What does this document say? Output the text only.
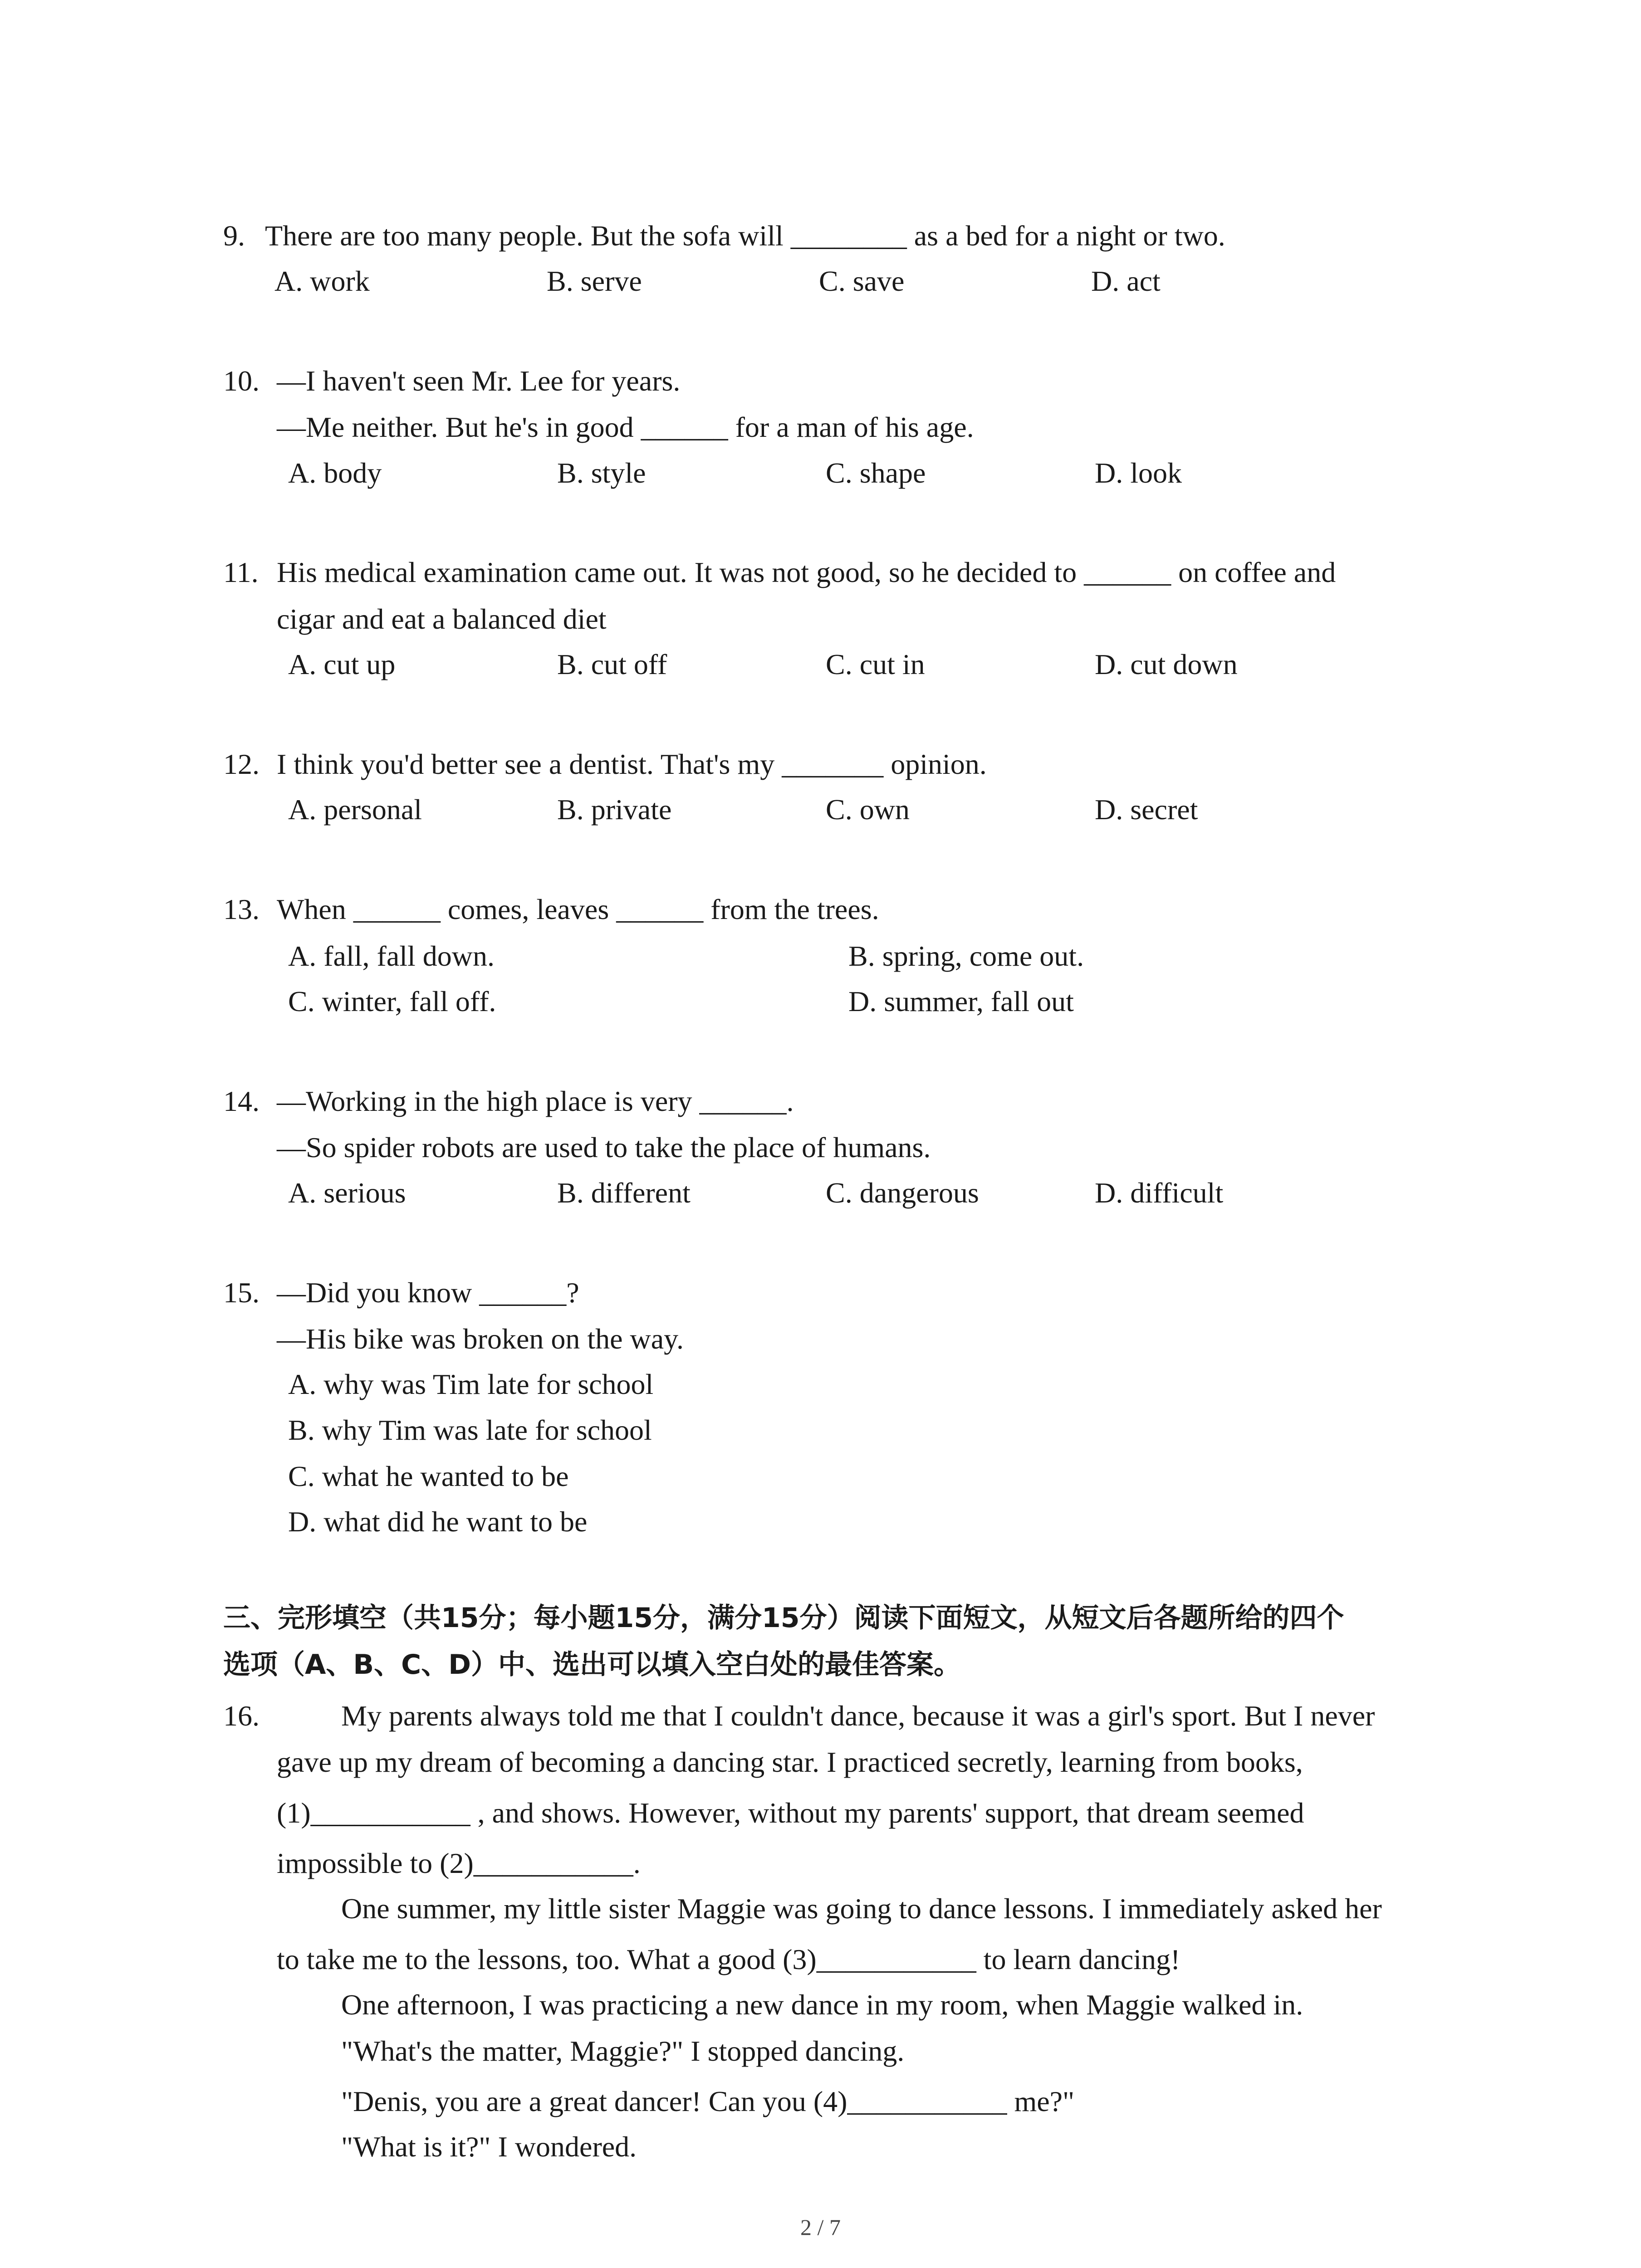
9. There are too many people. But the sofa will ________ as a bed for a night or two.
A. work	B. serve	C. save	D. act
10. —I haven't seen Mr. Lee for years.
—Me neither. But he's in good ______ for a man of his age.
A. body	B. style	C. shape	D. look
11. His medical examination came out. It was not good, so he decided to ______ on coffee and
cigar and eat a balanced diet
A. cut up	B. cut off	C. cut in	D. cut down
12. I think you'd better see a dentist. That's my _______ opinion.
A. personal	B. private	C. own	D. secret
13. When ______ comes, leaves ______ from the trees.
A. fall, fall down.	B. spring, come out.
C. winter, fall off.	D. summer, fall out
14. —Working in the high place is very ______.
—So spider robots are used to take the place of humans.
A. serious	B. different	C. dangerous	D. difficult
15. —Did you know ______?
—His bike was broken on the way.
A. why was Tim late for school
B. why Tim was late for school
C. what he wanted to be
D. what did he want to be
三、完形填空（共15分；每小题15分，满分15分）阅读下面短文，从短文后各题所给的四个
选项（A、B、C、D）中、选出可以填入空白处的最佳答案。
16.	My parents always told me that I couldn't dance, because it was a girl's sport. But I never
gave up my dream of becoming a dancing star. I practiced secretly, learning from books,
(1)___________ , and shows. However, without my parents' support, that dream seemed
impossible to (2)___________.
One summer, my little sister Maggie was going to dance lessons. I immediately asked her
to take me to the lessons, too. What a good (3)___________ to learn dancing!
One afternoon, I was practicing a new dance in my room, when Maggie walked in.
"What's the matter, Maggie?" I stopped dancing.
"Denis, you are a great dancer! Can you (4)___________ me?"
"What is it?" I wondered.
2 / 7
